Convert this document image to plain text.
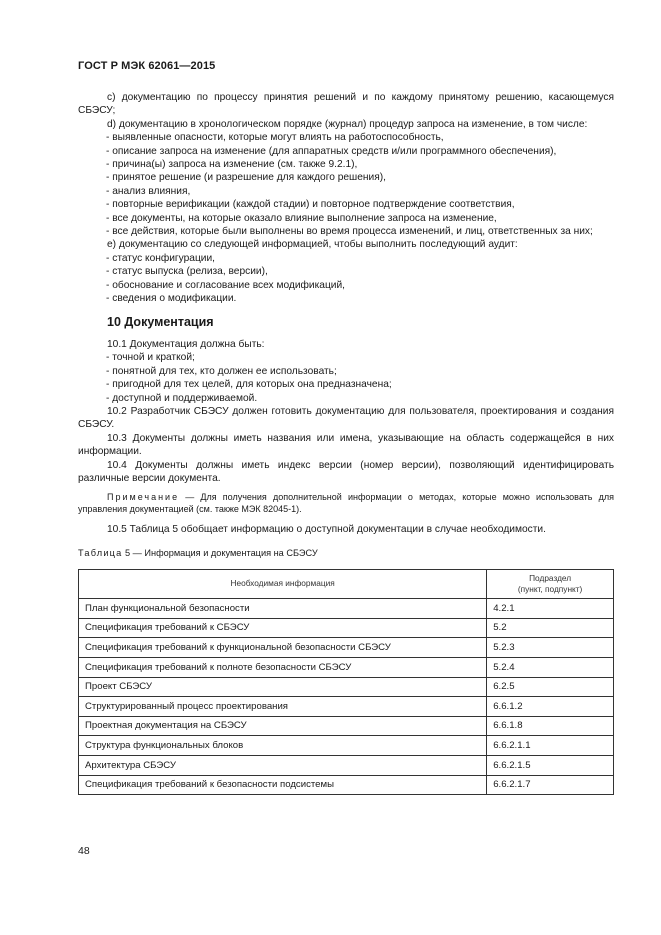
ГОСТ Р МЭК 62061—2015

с) документацию по процессу принятия решений и по каждому принятому решению, касающемуся СБЭСУ;

d) документацию в хронологическом порядке (журнал) процедур запроса на изменение, в том числе:

- выявленные опасности, которые могут влиять на работоспособность,

- описание запроса на изменение (для аппаратных средств и/или программного обеспечения),

- причина(ы) запроса на изменение (см. также 9.2.1),

- принятое решение (и разрешение для каждого решения),

- анализ влияния,

- повторные верификации (каждой стадии) и повторное подтверждение соответствия,

- все документы, на которые оказало влияние выполнение запроса на изменение,

- все действия, которые были выполнены во время процесса изменений, и лиц, ответственных за них;

е) документацию со следующей информацией, чтобы выполнить последующий аудит:

- статус конфигурации,

- статус выпуска (релиза, версии),

- обоснование и согласование всех модификаций,

- сведения о модификации.

10 Документация

10.1 Документация должна быть:

- точной и краткой;

- понятной для тех, кто должен ее использовать;

- пригодной для тех целей, для которых она предназначена;

- доступной и поддерживаемой.

10.2 Разработчик СБЭСУ должен готовить документацию для пользователя, проектирования и создания СБЭСУ.

10.3 Документы должны иметь названия или имена, указывающие на область содержащейся в них информации.

10.4 Документы должны иметь индекс версии (номер версии), позволяющий идентифицировать различные версии документа.

Примечание — Для получения дополнительной информации о методах, которые можно использовать для управления документацией (см. также МЭК 82045-1).

10.5 Таблица 5 обобщает информацию о доступной документации в случае необходимости.

Таблица 5 — Информация и документация на СБЭСУ
Необходимая информация	Подраздел
(пункт, подпункт)
План функциональной безопасности	4.2.1
Спецификация требований к СБЭСУ	5.2
Спецификация требований к функциональной безопасности СБЭСУ	5.2.3
Спецификация требований к полноте безопасности СБЭСУ	5.2.4
Проект СБЭСУ	6.2.5
Структурированный процесс проектирования	6.6.1.2
Проектная документация на СБЭСУ	6.6.1.8
Структура функциональных блоков	6.6.2.1.1
Архитектура СБЭСУ	6.6.2.1.5
Спецификация требований к безопасности подсистемы	6.6.2.1.7
48
